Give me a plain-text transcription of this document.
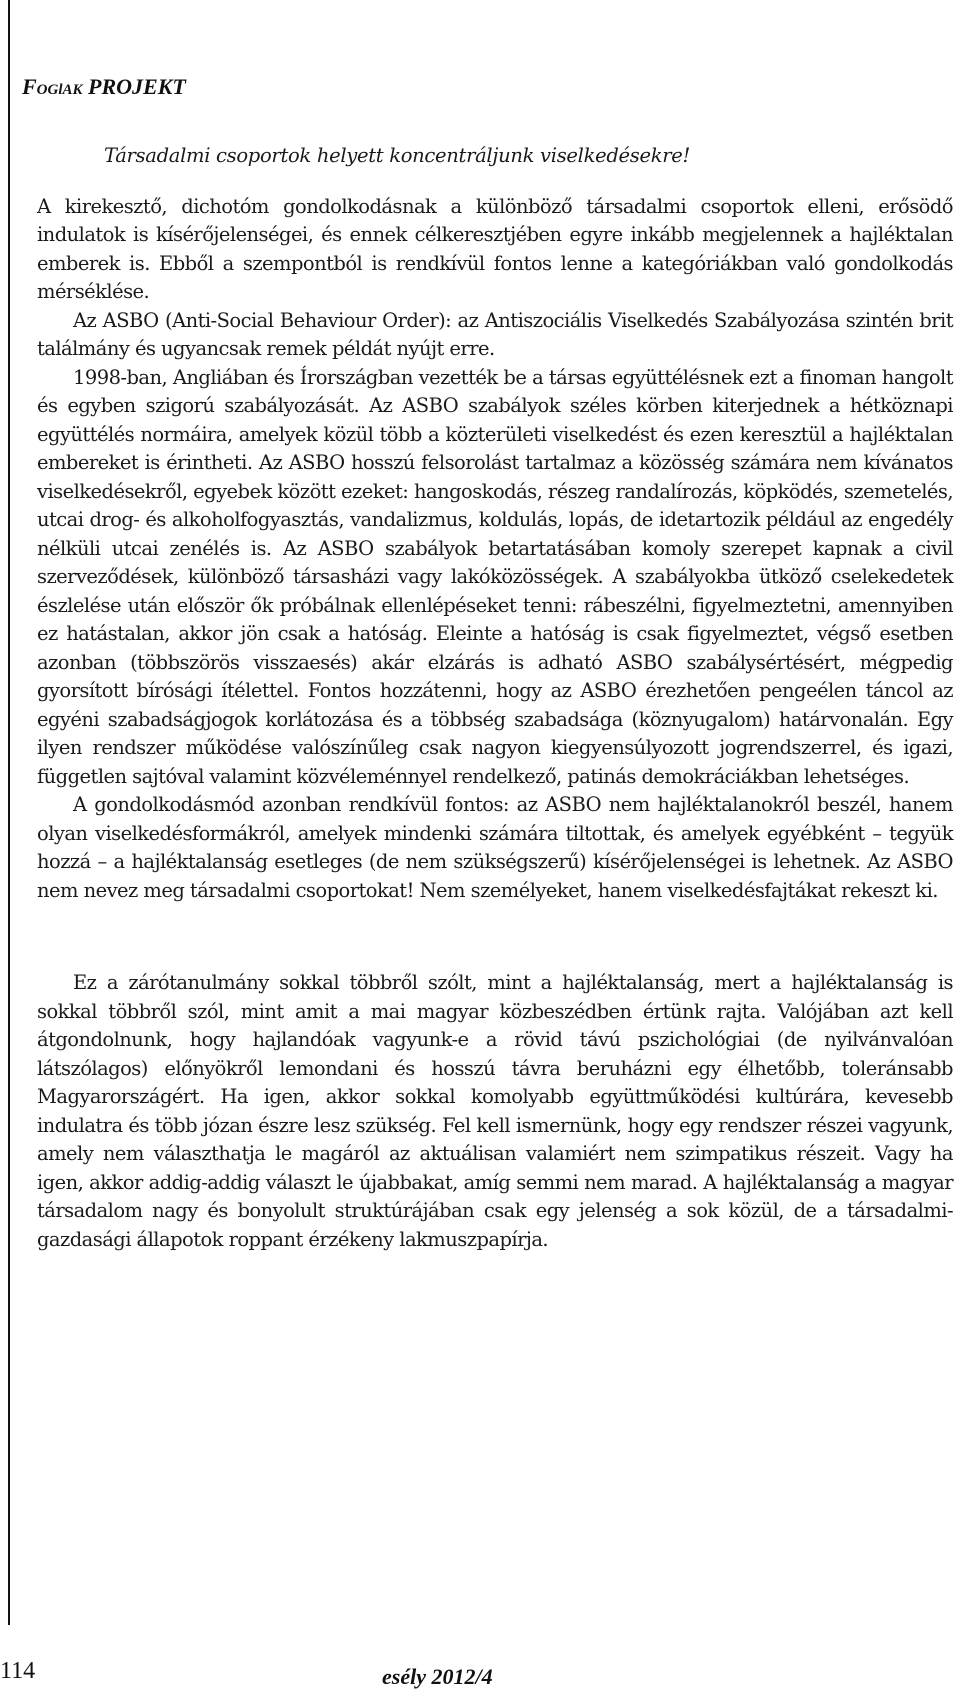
Foglak PROJEKT

Társadalmi csoportok helyett koncentráljunk viselkedésekre!

A kirekesztő, dichotóm gondolkodásnak a különböző társadalmi csoportok elleni, erősödő indulatok is kísérőjelenségei, és ennek célkeresztjében egyre inkább megjelennek a hajléktalan emberek is. Ebből a szempontból is rendkívül fontos lenne a kategóriákban való gondolkodás mérséklése.

Az ASBO (Anti-Social Behaviour Order): az Antiszociális Viselkedés Szabályozása szintén brit találmány és ugyancsak remek példát nyújt erre.

1998-ban, Angliában és Írországban vezették be a társas együttélésnek ezt a finoman hangolt és egyben szigorú szabályozását. Az ASBO szabályok széles körben kiterjednek a hétköznapi együttélés normáira, amelyek közül több a közterületi viselkedést és ezen keresztül a hajléktalan embereket is érintheti. Az ASBO hosszú felsorolást tartalmaz a közösség számára nem kívánatos viselkedésekről, egyebek között ezeket: hangoskodás, részeg randalírozás, köpködés, szemetelés, utcai drog- és alkoholfogyasztás, vandalizmus, koldulás, lopás, de idetartozik például az engedély nélküli utcai zenélés is. Az ASBO szabályok betartatásában komoly szerepet kapnak a civil szerveződések, különböző társasházi vagy lakóközösségek. A szabályokba ütköző cselekedetek észlelése után először ők próbálnak ellenlépéseket tenni: rábeszélni, figyelmeztetni, amennyiben ez hatástalan, akkor jön csak a hatóság. Eleinte a hatóság is csak figyelmeztet, végső esetben azonban (többszörös visszaesés) akár elzárás is adható ASBO szabálysértésért, mégpedig gyorsított bírósági ítélettel. Fontos hozzátenni, hogy az ASBO érezhetően pengeélen táncol az egyéni szabadságjogok korlátozása és a többség szabadsága (köznyugalom) határvonalán. Egy ilyen rendszer működése valószínűleg csak nagyon kiegyensúlyozott jogrendszerrel, és igazi, független sajtóval valamint közvéleménnyel rendelkező, patinás demokráciákban lehetséges.

A gondolkodásmód azonban rendkívül fontos: az ASBO nem hajléktalanokról beszél, hanem olyan viselkedésformákról, amelyek mindenki számára tiltottak, és amelyek egyébként – tegyük hozzá – a hajléktalanság esetleges (de nem szükségszerű) kísérőjelenségei is lehetnek. Az ASBO nem nevez meg társadalmi csoportokat! Nem személyeket, hanem viselkedésfajtákat rekeszt ki.

Ez a zárótanulmány sokkal többről szólt, mint a hajléktalanság, mert a hajléktalanság is sokkal többről szól, mint amit a mai magyar közbeszédben értünk rajta. Valójában azt kell átgondolnunk, hogy hajlandóak vagyunk-e a rövid távú pszichológiai (de nyilvánvalóan látszólagos) előnyökről lemondani és hosszú távra beruházni egy élhetőbb, toleránsabb Magyarországért. Ha igen, akkor sokkal komolyabb együttműködési kultúrára, kevesebb indulatra és több józan észre lesz szükség. Fel kell ismernünk, hogy egy rendszer részei vagyunk, amely nem választhatja le magáról az aktuálisan valamiért nem szimpatikus részeit. Vagy ha igen, akkor addig-addig választ le újabbakat, amíg semmi nem marad. A hajléktalanság a magyar társadalom nagy és bonyolult struktúrájában csak egy jelenség a sok közül, de a társadalmi-gazdasági állapotok roppant érzékeny lakmuszpapírja.

114	esély 2012/4
